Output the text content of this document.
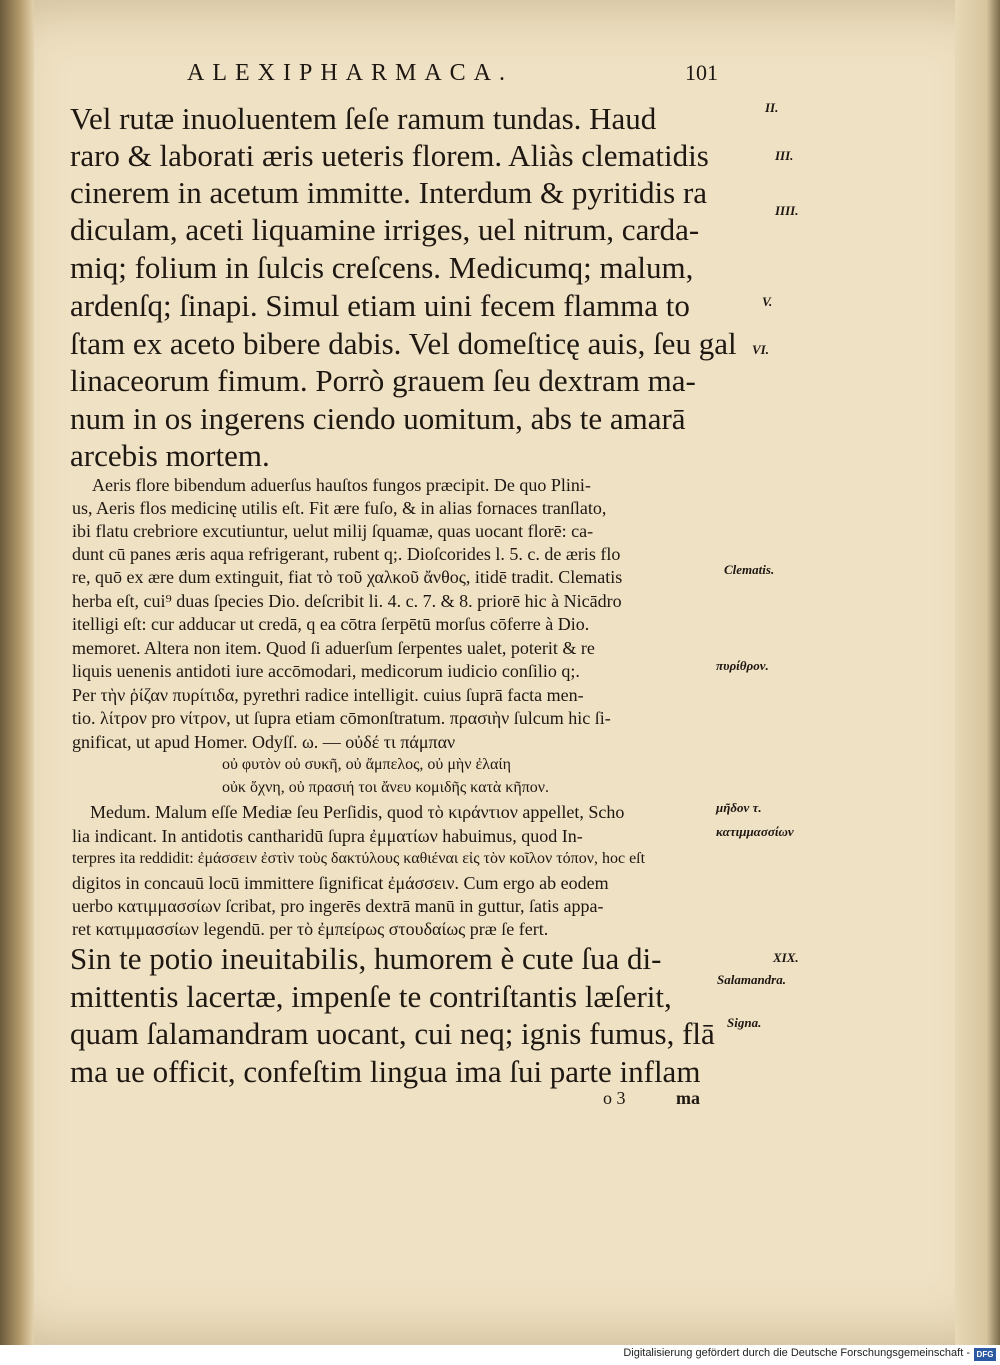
ALEXIPHARMACA.	101
Vel rutæ inuoluentem ſeſe ramum tundas. Haud
raro & laborati æris ueteris florem. Aliàs clematidis
cinerem in acetum immitte. Interdum & pyritidis ra
diculam, aceti liquamine irriges, uel nitrum, carda-
miq; folium in ſulcis creſcens. Medicumq; malum,
ardenſq; ſinapi. Simul etiam uini fecem flamma to
ſtam ex aceto bibere dabis. Vel domeſticę auis, ſeu gal
linaceorum fimum. Porrò grauem ſeu dextram ma-
num in os ingerens ciendo uomitum, abs te amarā
arcebis mortem.
Aeris flore bibendum aduerſus hauſtos fungos præcipit. De quo Plini-
us, Aeris flos medicinę utilis eſt. Fit ære fuſo, & in alias fornaces tranſlato,
ibi flatu crebriore excutiuntur, uelut milij ſquamæ, quas uocant florē: ca-
dunt cū panes æris aqua refrigerant, rubent q;. Dioſcorides l. 5. c. de æris flo
re, quō ex ære dum extinguit, fiat τὸ τοῦ χαλκοῦ ἄνθος, itidē tradit. Clematis
herba eſt, cui⁹ duas ſpecies Dio. deſcribit li. 4. c. 7. & 8. priorē hic à Nicādro
itelligi eſt: cur adducar ut credā, q ea cōtra ſerpētū morſus cōferre à Dio.
memoret. Altera non item. Quod ſi aduerſum ſerpentes ualet, poterit & re
liquis uenenis antidoti iure accōmodari, medicorum iudicio conſilio q;.
Per τὴν ῥίζαν πυρίτιδα, pyrethri radice intelligit. cuius ſuprā facta men-
tio. λίτρον pro νίτρον, ut ſupra etiam cōmonſtratum. πρασιὴν ſulcum hic ſi-
gnificat, ut apud Homer. Odyſſ. ω. — οὐδέ τι πάμπαν
οὐ φυτὸν οὐ συκῆ, οὐ ἄμπελος, οὐ μὴν ἐλαίη
οὐκ ὄχνη, οὐ πρασιή τοι ἄνευ κομιδῆς κατὰ κῆπον.
Medum. Malum eſſe Mediæ ſeu Perſidis, quod τὸ κιράντιον appellet, Scho
lia indicant. In antidotis cantharidū ſupra ἐμματίων habuimus, quod In-
terpres ita reddidit: ἐμάσσειν ἐστὶν τοὺς δακτύλους καθιέναι εἰς τὸν κοῖλον τόπον, hoc eſt
digitos in concauū locū immittere ſignificat ἐμάσσειν. Cum ergo ab eodem
uerbo κατιμμασσίων ſcribat, pro ingerēs dextrā manū in guttur, ſatis appa-
ret κατιμμασσίων legendū. per τὸ ἐμπείρως στουδαίως præ ſe fert.
Sin te potio ineuitabilis, humorem è cute ſua di-
mittentis lacertæ, impenſe te contriſtantis læſerit,
quam ſalamandram uocant, cui neq; ignis fumus, flā
ma ue officit, confeſtim lingua ima ſui parte inflam
o 3	ma
II.
III.
IIII.
V.
VI.
Clematis.
πυρίθρον.
μῆδον τ.
κατιμμασσίων
XIX.
Salamandra.
Signa.
Digitalisierung gefördert durch die Deutsche Forschungsgemeinschaft - DFG
